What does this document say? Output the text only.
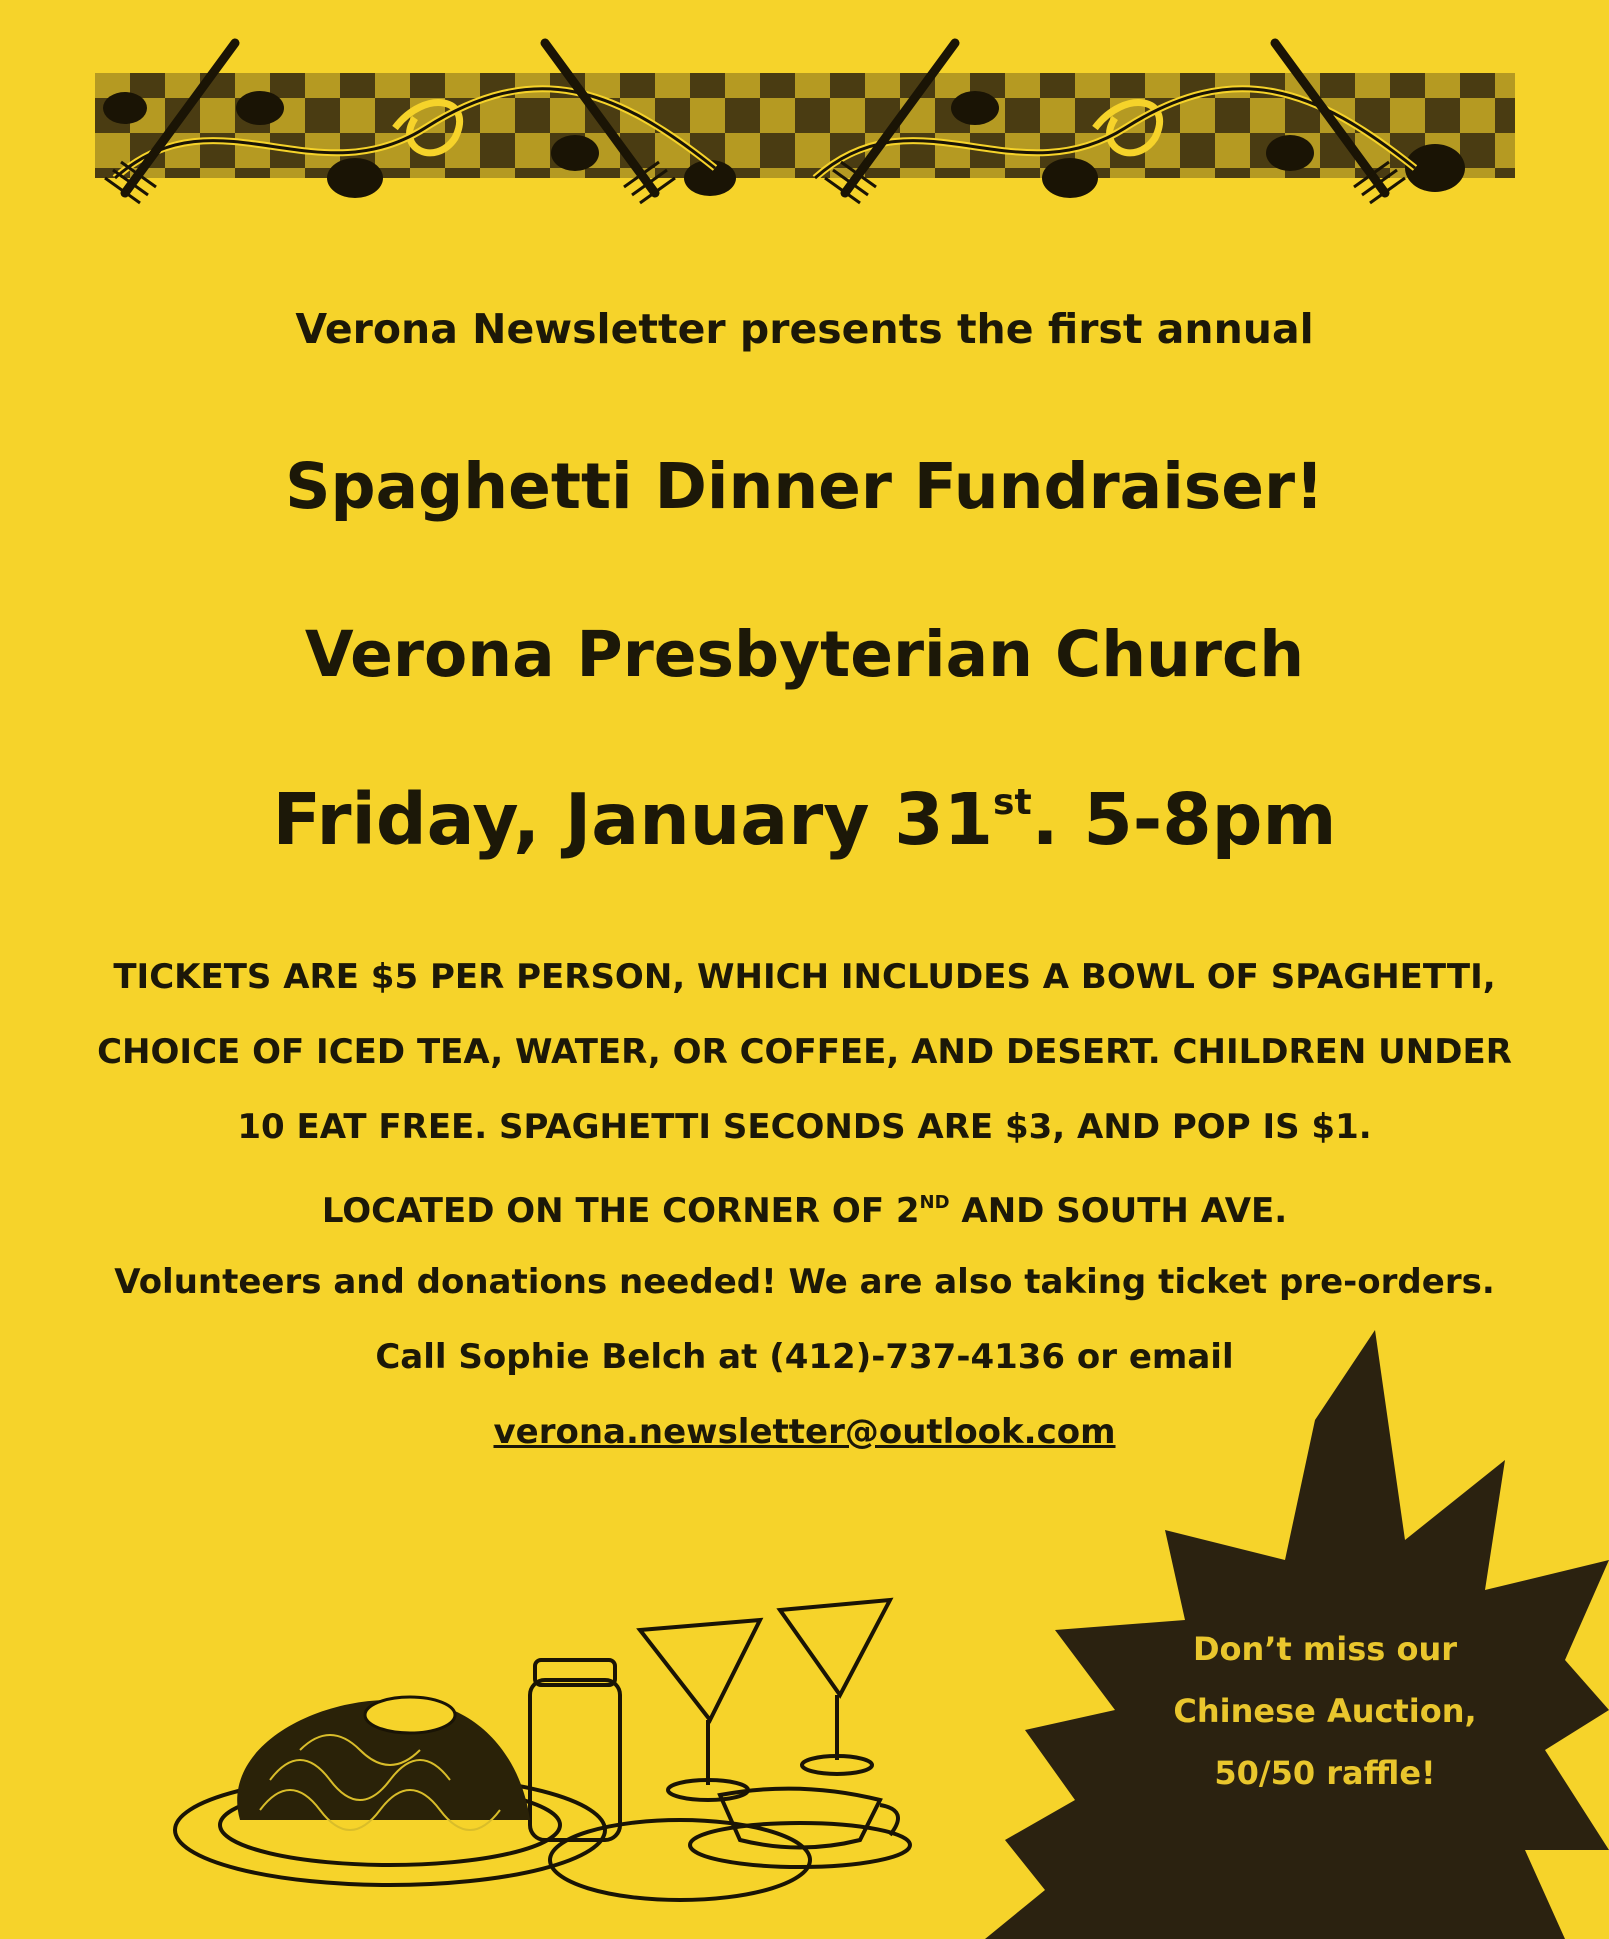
Verona Newsletter presents the first annual
Spaghetti Dinner Fundraiser!
Verona Presbyterian Church
Friday, January 31st. 5-8pm
TICKETS ARE $5 PER PERSON, WHICH INCLUDES A BOWL OF SPAGHETTI,
CHOICE OF ICED TEA, WATER, OR COFFEE, AND DESERT. CHILDREN UNDER
10 EAT FREE. SPAGHETTI SECONDS ARE $3, AND POP IS $1.
LOCATED ON THE CORNER OF 2ND AND SOUTH AVE.
Volunteers and donations needed! We are also taking ticket pre-orders.
Call Sophie Belch at (412)-737-4136 or email
verona.newsletter@outlook.com
Don’t miss our
Chinese Auction,
50/50 raffle!
